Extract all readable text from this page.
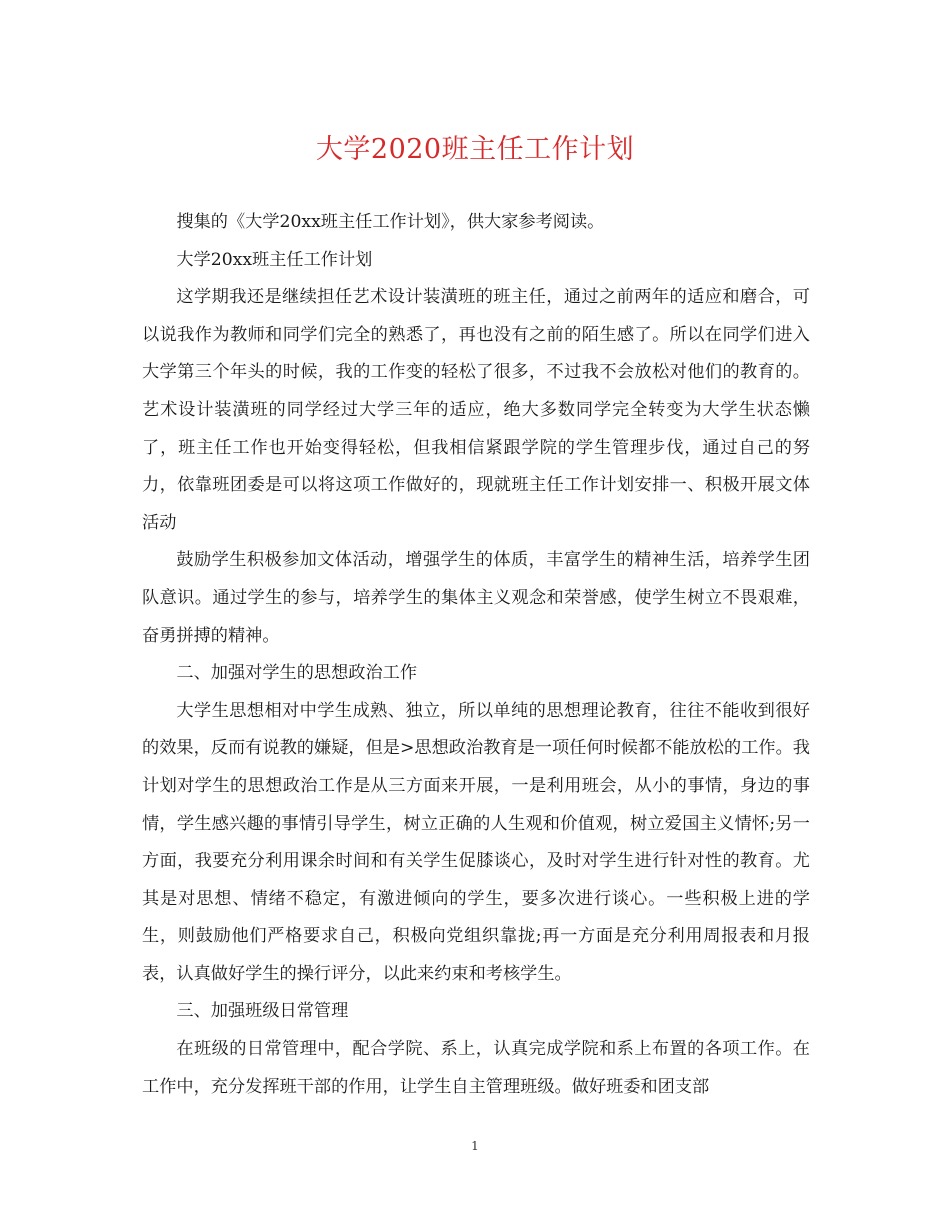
大学2020班主任工作计划

搜集的《大学20xx班主任工作计划》，供大家参考阅读。

大学20xx班主任工作计划

这学期我还是继续担任艺术设计装潢班的班主任，通过之前两年的适应和磨合，可以说我作为教师和同学们完全的熟悉了，再也没有之前的陌生感了。所以在同学们进入大学第三个年头的时候，我的工作变的轻松了很多，不过我不会放松对他们的教育的。艺术设计装潢班的同学经过大学三年的适应，绝大多数同学完全转变为大学生状态懒了，班主任工作也开始变得轻松，但我相信紧跟学院的学生管理步伐，通过自己的努力，依靠班团委是可以将这项工作做好的，现就班主任工作计划安排一、积极开展文体活动

鼓励学生积极参加文体活动，增强学生的体质，丰富学生的精神生活，培养学生团队意识。通过学生的参与，培养学生的集体主义观念和荣誉感，使学生树立不畏艰难，奋勇拼搏的精神。

二、加强对学生的思想政治工作

大学生思想相对中学生成熟、独立，所以单纯的思想理论教育，往往不能收到很好的效果，反而有说教的嫌疑，但是>思想政治教育是一项任何时候都不能放松的工作。我计划对学生的思想政治工作是从三方面来开展，一是利用班会，从小的事情，身边的事情，学生感兴趣的事情引导学生，树立正确的人生观和价值观，树立爱国主义情怀;另一方面，我要充分利用课余时间和有关学生促膝谈心，及时对学生进行针对性的教育。尤其是对思想、情绪不稳定，有激进倾向的学生，要多次进行谈心。一些积极上进的学生，则鼓励他们严格要求自己，积极向党组织靠拢;再一方面是充分利用周报表和月报表，认真做好学生的操行评分，以此来约束和考核学生。

三、加强班级日常管理

在班级的日常管理中，配合学院、系上，认真完成学院和系上布置的各项工作。在工作中，充分发挥班干部的作用，让学生自主管理班级。做好班委和团支部

1
